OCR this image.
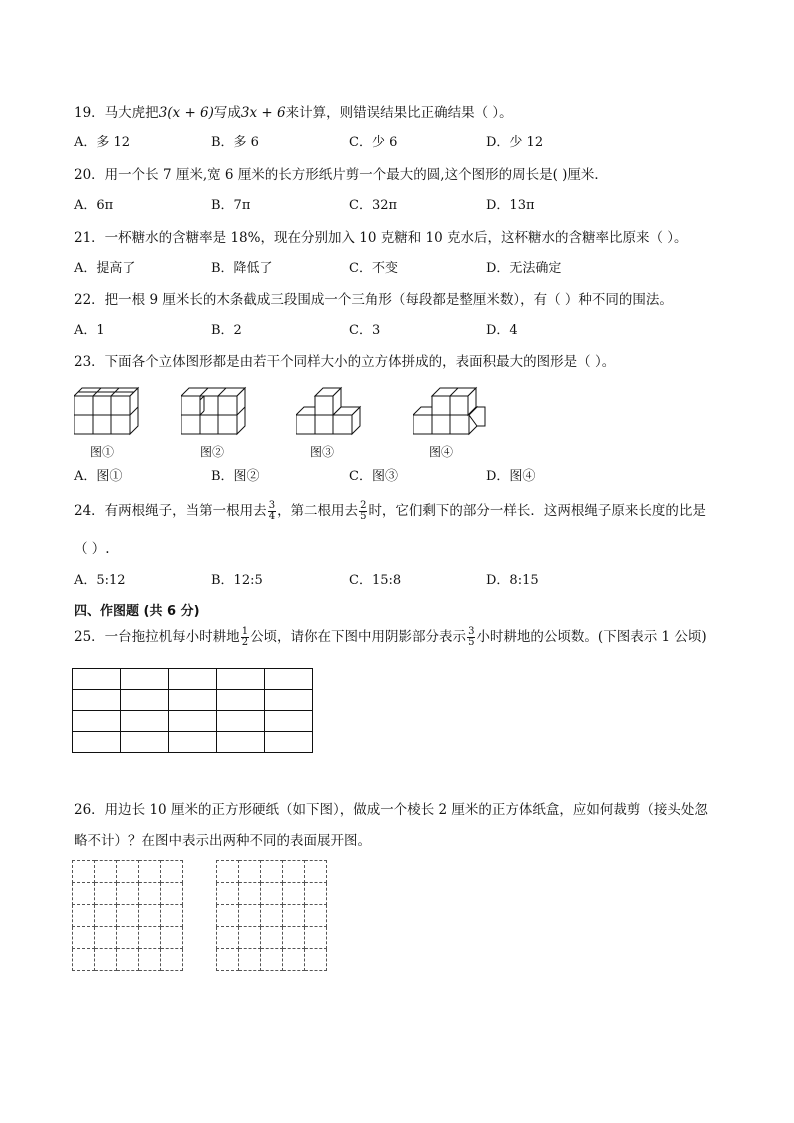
19．马大虎把3(x + 6)写成3x + 6来计算，则错误结果比正确结果（ ）。
A．多 12	B．多 6	C．少 6	D．少 12
20．用一个长 7 厘米,宽 6 厘米的长方形纸片剪一个最大的圆,这个图形的周长是( )厘米．
A．6π	B．7π	C．32π	D．13π
21．一杯糖水的含糖率是 18%，现在分别加入 10 克糖和 10 克水后，这杯糖水的含糖率比原来（ ）。
A．提高了	B．降低了	C．不变	D．无法确定
22．把一根 9 厘米长的木条截成三段围成一个三角形（每段都是整厘米数），有（ ）种不同的围法。
A．1	B．2	C．3	D．4
23．下面各个立体图形都是由若干个同样大小的立方体拼成的，表面积最大的图形是（ ）。
图①	图②	图③	图④
A．图①	B．图②	C．图③	D．图④
24．有两根绳子，当第一根用去 $\frac{3}{4}$ ，第二根用去 $\frac{2}{5}$ 时，它们剩下的部分一样长．这两根绳子原来长度的比是
（ ）.
A．5:12	B．12:5	C．15:8	D．8:15
四、作图题 (共 6 分)
25．一台拖拉机每小时耕地 $\frac{1}{2}$ 公顷，请你在下图中用阴影部分表示 $\frac{3}{5}$ 小时耕地的公顷数。(下图表示 1 公顷)

26．用边长 10 厘米的正方形硬纸（如下图），做成一个棱长 2 厘米的正方体纸盒，应如何裁剪（接头处忽
略不计）？在图中表示出两种不同的表面展开图。
